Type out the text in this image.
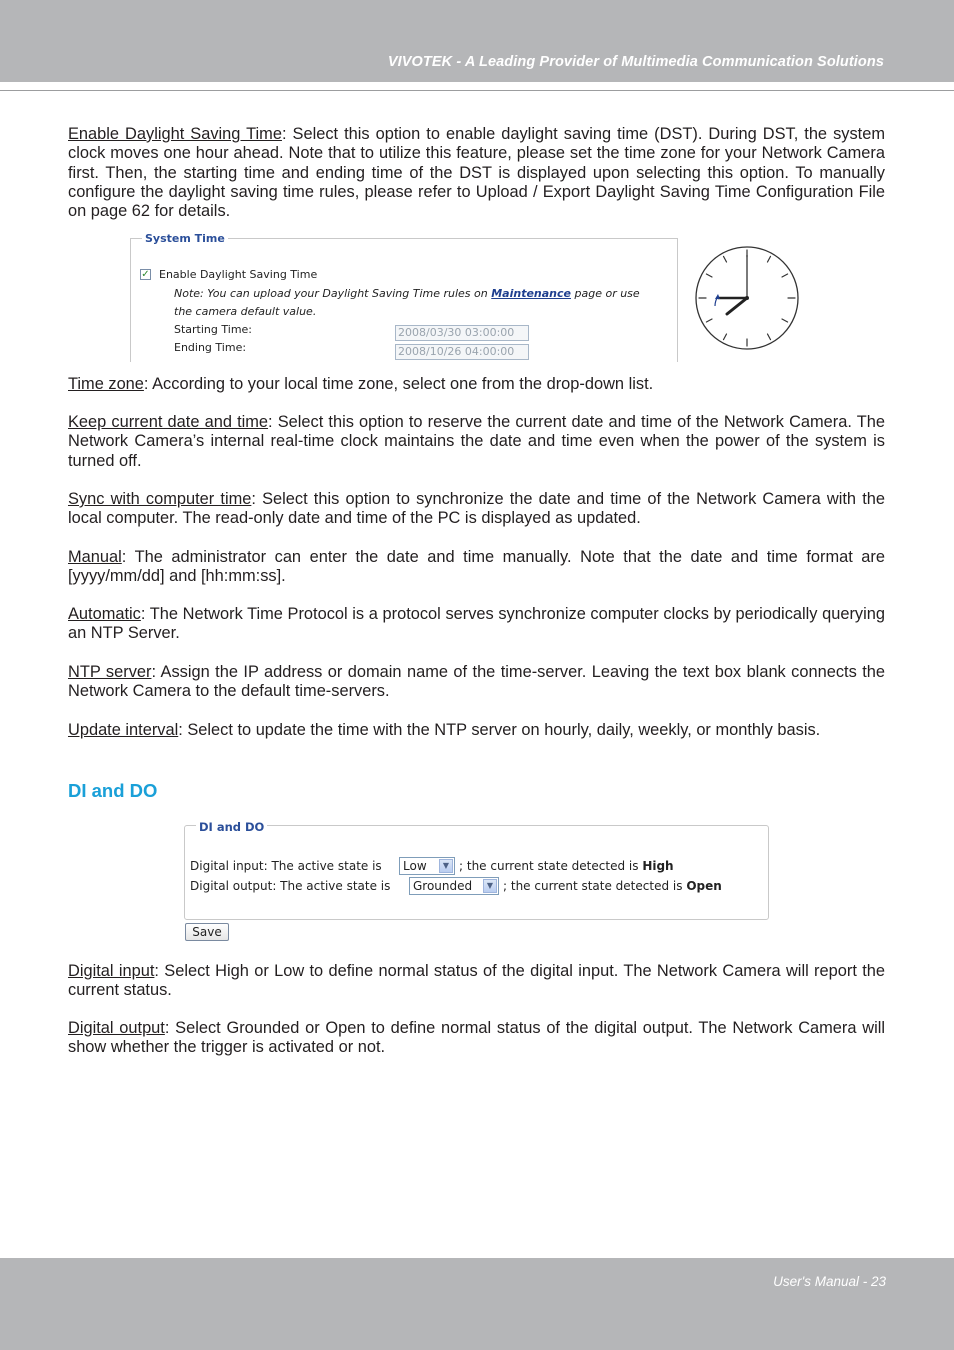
VIVOTEK - A Leading Provider of Multimedia Communication Solutions

Enable Daylight Saving Time: Select this option to enable daylight saving time (DST). During DST, the system clock moves one hour ahead. Note that to utilize this feature, please set the time zone for your Network Camera first. Then, the starting time and ending time of the DST is displayed upon selecting this option. To manually configure the daylight saving time rules, please refer to Upload / Export Daylight Saving Time Configuration File on page 62 for details.

System Time
✓ Enable Daylight Saving Time
Note: You can upload your Daylight Saving Time rules on Maintenance page or use
the camera default value.
Starting Time:	2008/03/30 03:00:00
Ending Time:	2008/10/26 04:00:00

Time zone: According to your local time zone, select one from the drop-down list.

Keep current date and time: Select this option to reserve the current date and time of the Network Camera. The Network Camera’s internal real-time clock maintains the date and time even when the power of the system is turned off.

Sync with computer time: Select this option to synchronize the date and time of the Network Camera with the local computer. The read-only date and time of the PC is displayed as updated.

Manual: The administrator can enter the date and time manually. Note that the date and time format are [yyyy/mm/dd] and [hh:mm:ss].

Automatic: The Network Time Protocol is a protocol serves synchronize computer clocks by periodically querying an NTP Server.

NTP server: Assign the IP address or domain name of the time-server. Leaving the text box blank connects the Network Camera to the default time-servers.

Update interval: Select to update the time with the NTP server on hourly, daily, weekly, or monthly basis.

DI and DO
DI and DO
Digital input: The active state is	Low	▼ ; the current state detected is High
Digital output: The active state is	Grounded	▼ ; the current state detected is Open
Save

Digital input: Select High or Low to define normal status of the digital input. The Network Camera will report the current status.

Digital output: Select Grounded or Open to define normal status of the digital output. The Network Camera will show whether the trigger is activated or not.

User's Manual - 23
